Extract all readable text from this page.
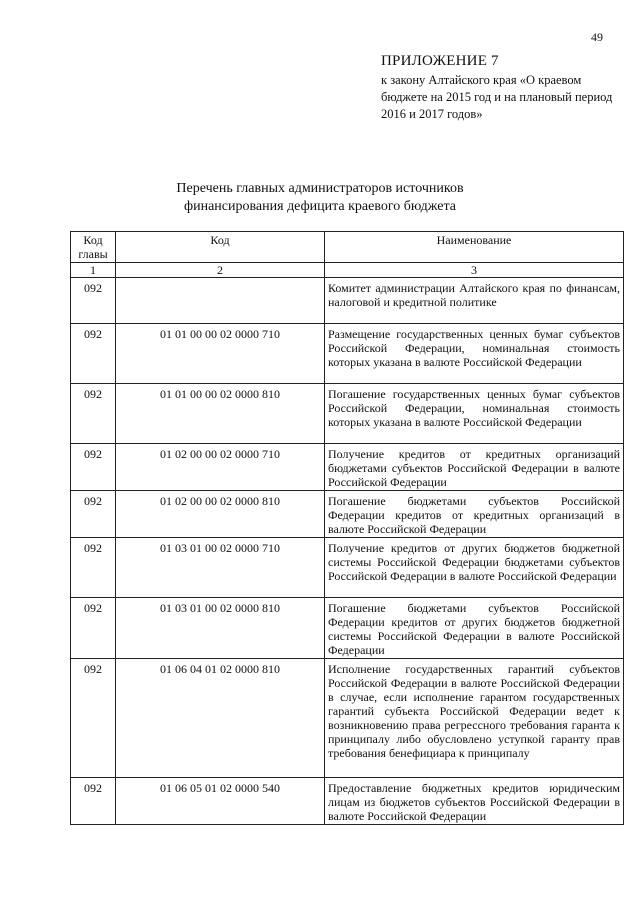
49
ПРИЛОЖЕНИЕ 7
к закону Алтайского края «О краевом бюджете на 2015 год и на плановый период 2016 и 2017 годов»
Перечень главных администраторов источников
финансирования дефицита краевого бюджета
Код главы	Код	Наименование
1	2	3
092		Комитет администрации Алтайского края по финансам, налоговой и кредитной политике
092	01 01 00 00 02 0000 710	Размещение государственных ценных бумаг субъектов Российской Федерации, номинальная стоимость которых указана в валюте Российской Федерации
092	01 01 00 00 02 0000 810	Погашение государственных ценных бумаг субъектов Российской Федерации, номинальная стоимость которых указана в валюте Российской Федерации
092	01 02 00 00 02 0000 710	Получение кредитов от кредитных организаций бюджетами субъектов Российской Федерации в валюте Российской Федерации
092	01 02 00 00 02 0000 810	Погашение бюджетами субъектов Российской Федерации кредитов от кредитных организаций в валюте Российской Федерации
092	01 03 01 00 02 0000 710	Получение кредитов от других бюджетов бюджетной системы Российской Федерации бюджетами субъектов Российской Федерации в валюте Российской Федерации
092	01 03 01 00 02 0000 810	Погашение бюджетами субъектов Российской Федерации кредитов от других бюджетов бюджетной системы Российской Федерации в валюте Российской Федерации
092	01 06 04 01 02 0000 810	Исполнение государственных гарантий субъектов Российской Федерации в валюте Российской Федерации в случае, если исполнение гарантом государственных гарантий субъекта Российской Федерации ведет к возникновению права регрессного требования гаранта к принципалу либо обусловлено уступкой гаранту прав требования бенефициара к принципалу
092	01 06 05 01 02 0000 540	Предоставление бюджетных кредитов юридическим лицам из бюджетов субъектов Российской Федерации в валюте Российской Федерации
